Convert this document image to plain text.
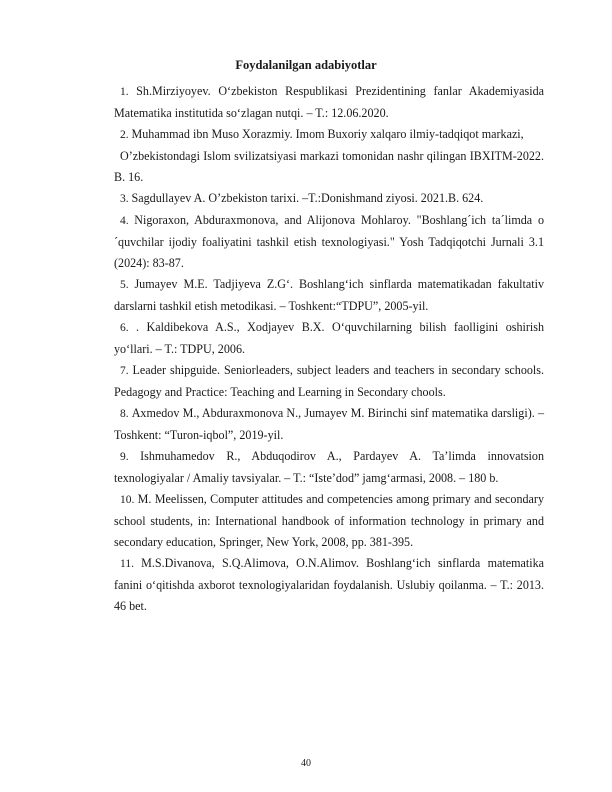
Foydalanilgan adabiyotlar

1. Sh.Mirziyoyev. O‘zbekiston Respublikasi Prezidentining fanlar Akademiyasida Matematika institutida so‘zlagan nutqi. – T.: 12.06.2020.

2. Muhammad ibn Muso Xorazmiy. Imom Buxoriy xalqaro ilmiy-tadqiqot markazi,

O’zbekistondagi Islom svilizatsiyasi markazi tomonidan nashr qilingan IBXITM-2022. B. 16.

3. Sagdullayev A. O’zbekiston tarixi. –T.:Donishmand ziyosi. 2021.B. 624.

4. Nigoraxon, Abduraxmonova, and Alijonova Mohlaroy. "Boshlang´ich ta´limda o´quvchilar ijodiy foaliyatini tashkil etish texnologiyasi." Yosh Tadqiqotchi Jurnali 3.1 (2024): 83-87.

5. Jumayev M.E. Tadjiyeva Z.G‘. Boshlang‘ich sinflarda matematikadan fakultativ darslarni tashkil etish metodikasi. – Toshkent:“TDPU”, 2005-yil.

6. . Kaldibekova A.S., Xodjayev B.X. O‘quvchilarning bilish faolligini oshirish yo‘llari. – T.: TDPU, 2006.

7. Leader shipguide. Seniorleaders, subject leaders and teachers in secondary schools. Pedagogy and Practice: Teaching and Learning in Secondary chools.

8. Axmedov M., Abduraxmonova N., Jumayev M. Birinchi sinf matematika darsligi). –Toshkent: “Turon-iqbol”, 2019-yil.

9. Ishmuhamedov R., Abduqodirov A., Pardayev A. Ta’limda innovatsion texnologiyalar / Amaliy tavsiyalar. – T.: “Iste’dod” jamg‘armasi, 2008. – 180 b.

10. M. Meelissen, Computer attitudes and competencies among primary and secondary school students, in: International handbook of information technology in primary and secondary education, Springer, New York, 2008, pp. 381-395.

11. M.S.Divanova, S.Q.Alimova, O.N.Alimov. Boshlang‘ich sinflarda matematika fanini o‘qitishda axborot texnologiyalaridan foydalanish. Uslubiy qoilanma. – T.: 2013. 46 bet.

40
